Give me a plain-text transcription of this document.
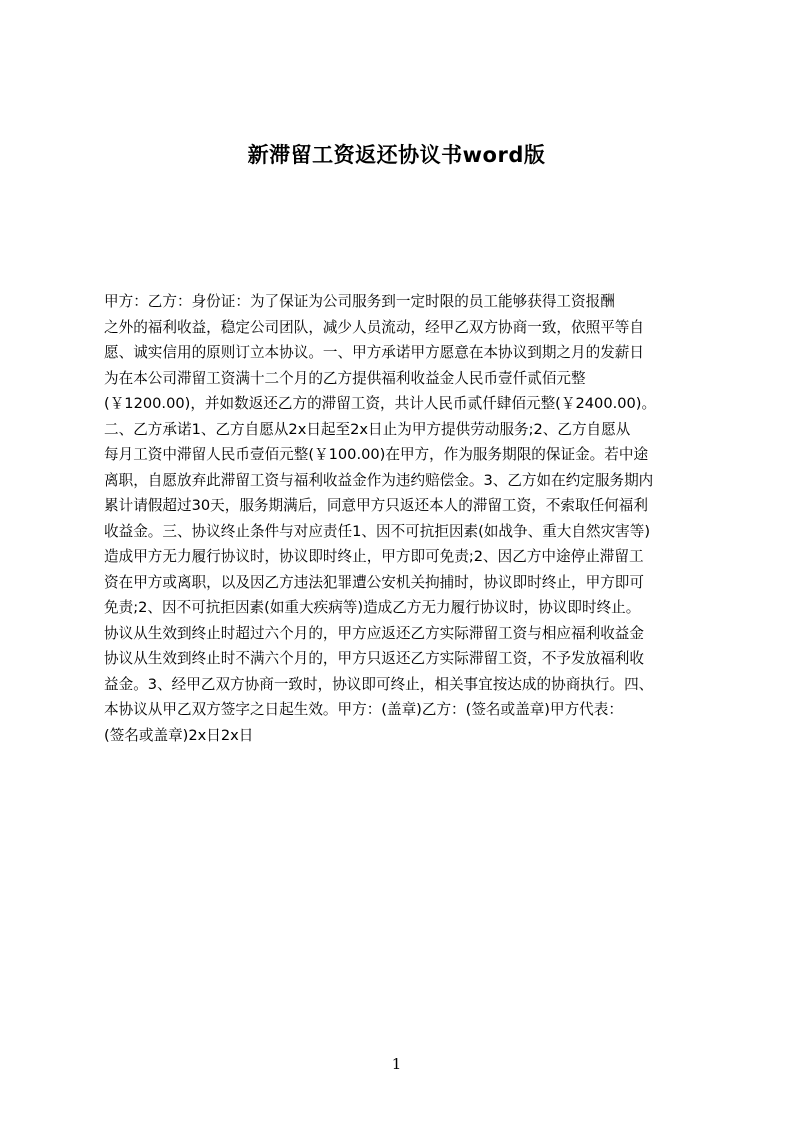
新滞留工资返还协议书word版
甲方：乙方：身份证：为了保证为公司服务到一定时限的员工能够获得工资报酬
之外的福利收益，稳定公司团队，减少人员流动，经甲乙双方协商一致，依照平等自
愿、诚实信用的原则订立本协议。一、甲方承诺甲方愿意在本协议到期之月的发薪日
为在本公司滞留工资满十二个月的乙方提供福利收益金人民币壹仟贰佰元整
(￥1200.00)，并如数返还乙方的滞留工资，共计人民币贰仟肆佰元整(￥2400.00)。
二、乙方承诺1、乙方自愿从2x日起至2x日止为甲方提供劳动服务;2、乙方自愿从
每月工资中滞留人民币壹佰元整(￥100.00)在甲方，作为服务期限的保证金。若中途
离职，自愿放弃此滞留工资与福利收益金作为违约赔偿金。3、乙方如在约定服务期内
累计请假超过30天，服务期满后，同意甲方只返还本人的滞留工资，不索取任何福利
收益金。三、协议终止条件与对应责任1、因不可抗拒因素(如战争、重大自然灾害等)
造成甲方无力履行协议时，协议即时终止，甲方即可免责;2、因乙方中途停止滞留工
资在甲方或离职，以及因乙方违法犯罪遭公安机关拘捕时，协议即时终止，甲方即可
免责;2、因不可抗拒因素(如重大疾病等)造成乙方无力履行协议时，协议即时终止。
协议从生效到终止时超过六个月的，甲方应返还乙方实际滞留工资与相应福利收益金
协议从生效到终止时不满六个月的，甲方只返还乙方实际滞留工资，不予发放福利收
益金。3、经甲乙双方协商一致时，协议即可终止，相关事宜按达成的协商执行。四、
本协议从甲乙双方签字之日起生效。甲方：(盖章)乙方：(签名或盖章)甲方代表：
(签名或盖章)2x日2x日
1
